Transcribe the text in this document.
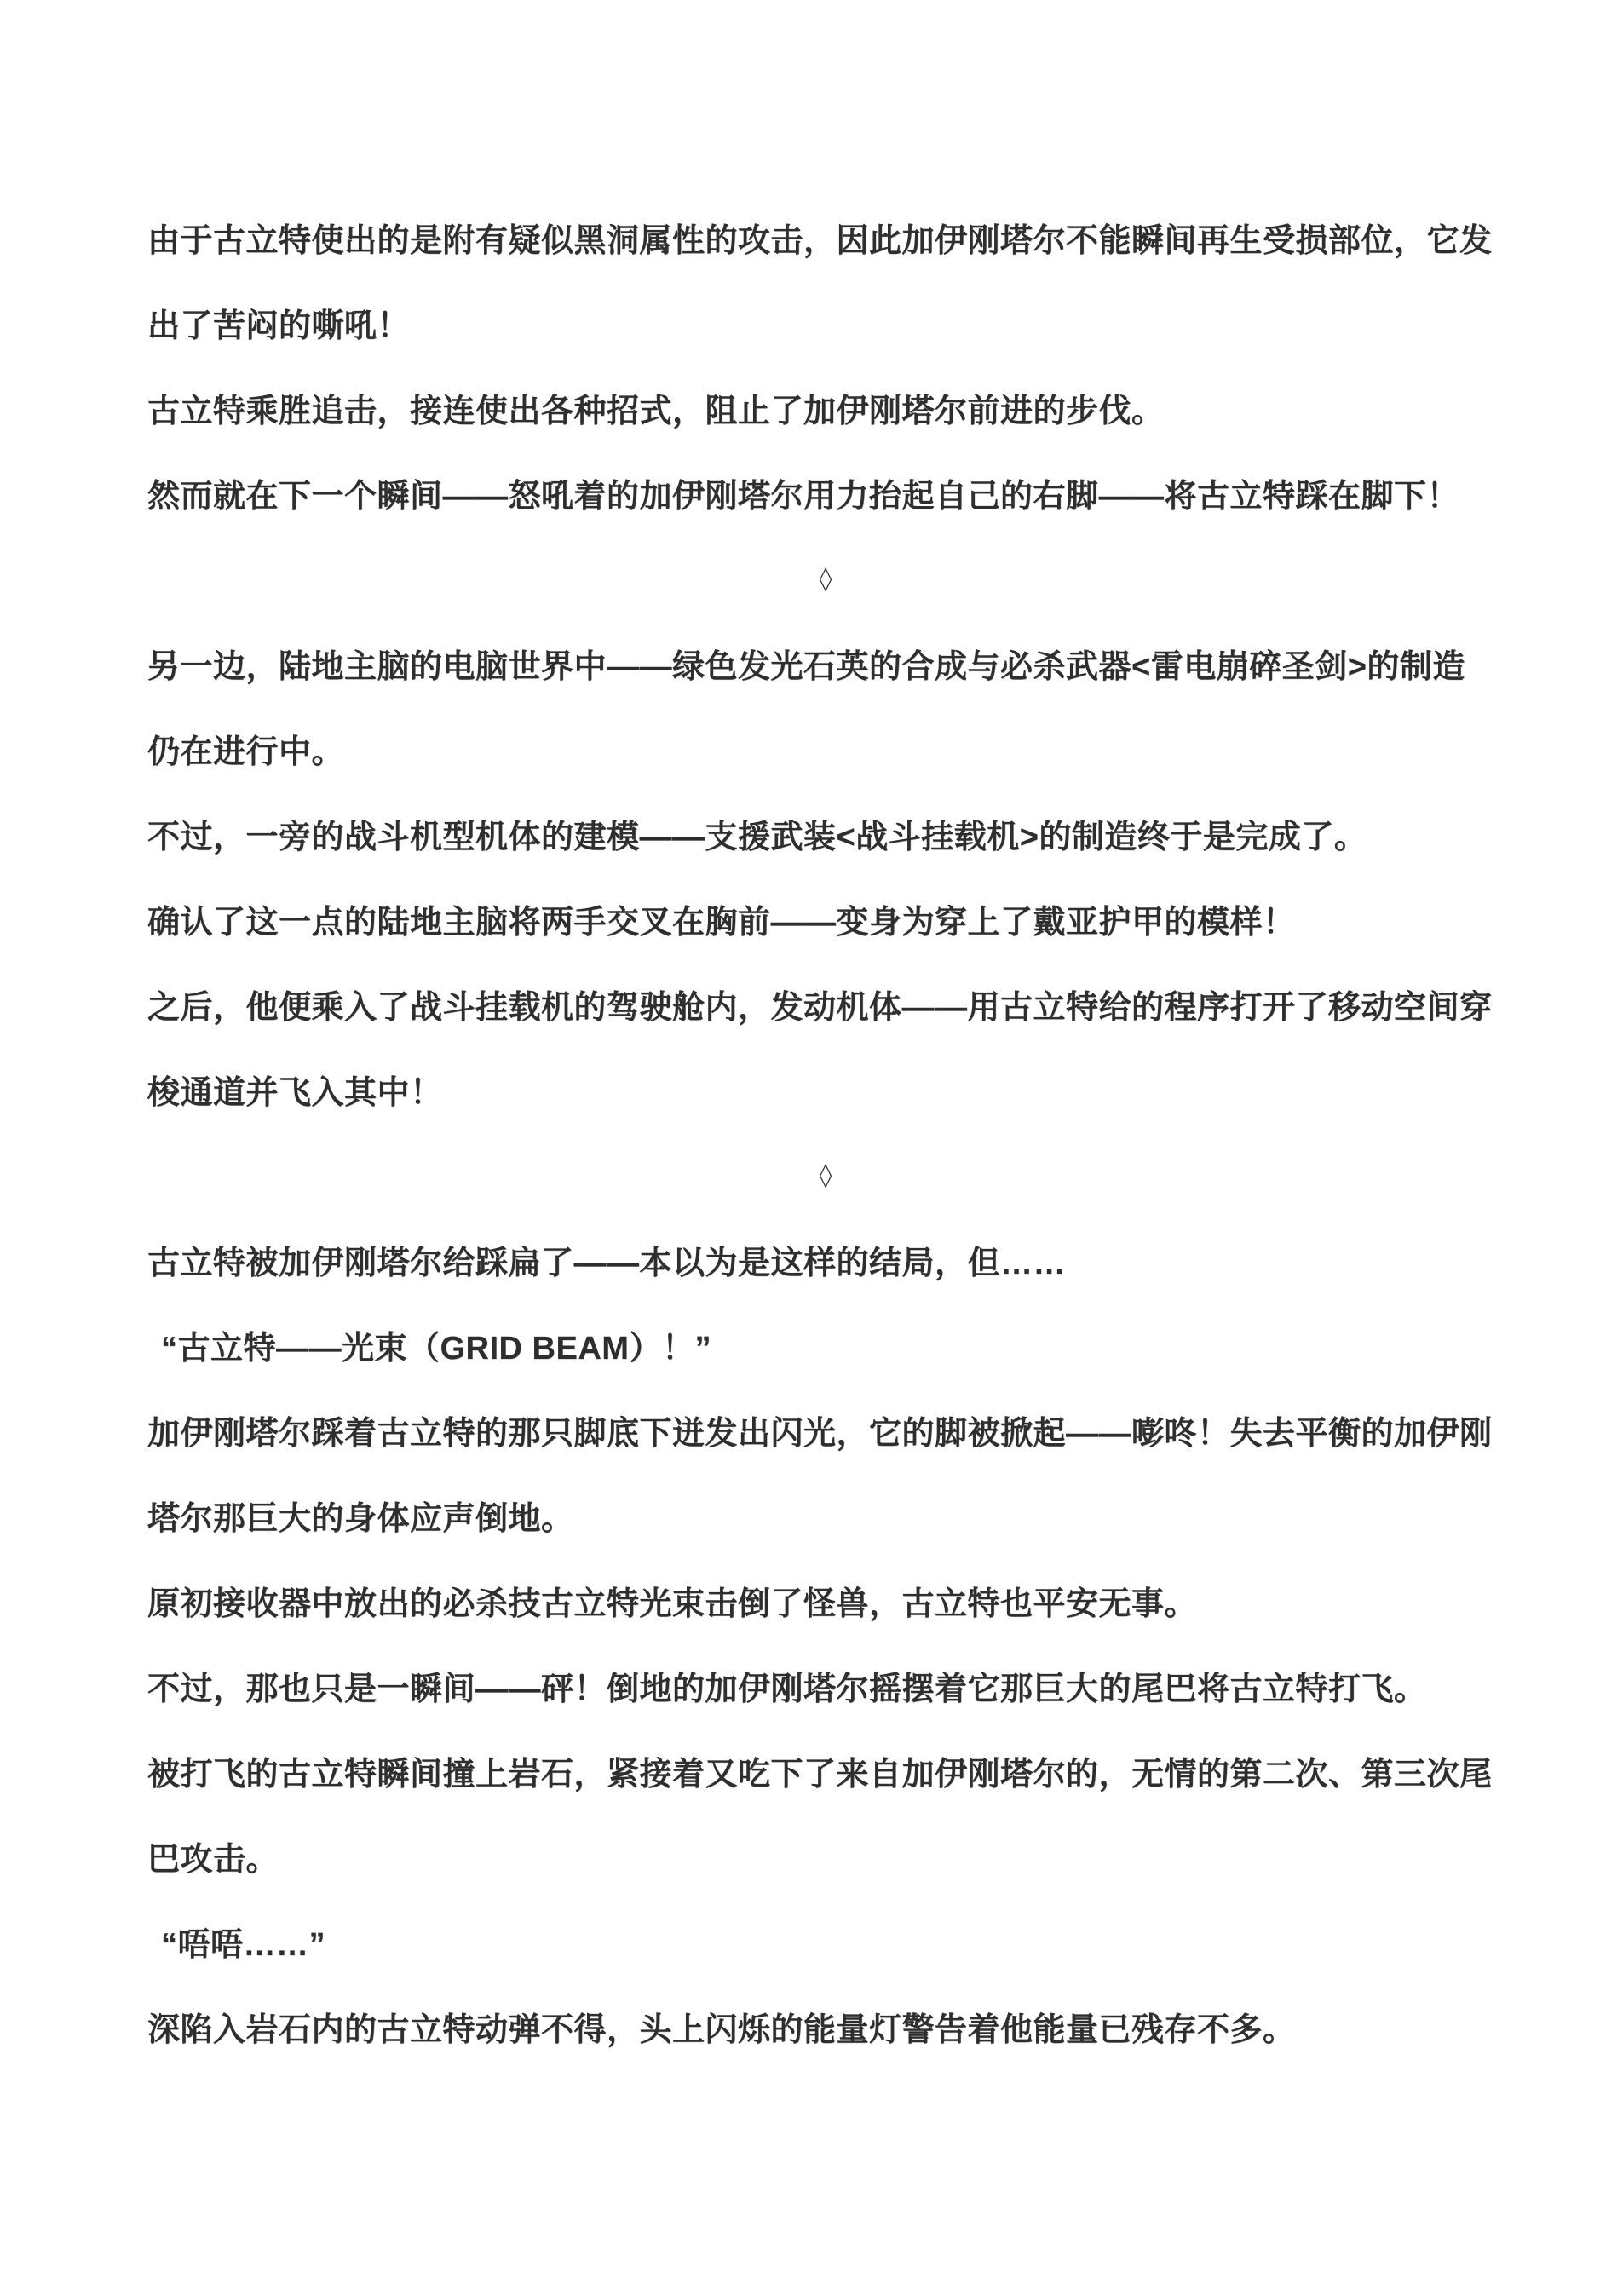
由于古立特使出的是附有疑似黑洞属性的攻击，因此加伊刚塔尔不能瞬间再生受损部位，它发
出了苦闷的嘶吼！
古立特乘胜追击，接连使出各种招式，阻止了加伊刚塔尔前进的步伐。
然而就在下一个瞬间——怒吼着的加伊刚塔尔用力抬起自己的右脚——将古立特踩在脚下！
◇
另一边，陆地主脑的电脑世界中——绿色发光石英的合成与必杀武器<雷电崩碎圣剑>的制造
仍在进行中。
不过，一旁的战斗机型机体的建模——支援武装<战斗挂载机>的制造终于是完成了。
确认了这一点的陆地主脑将两手交叉在胸前——变身为穿上了戴亚护甲的模样！
之后，他便乘入了战斗挂载机的驾驶舱内，发动机体——用古立特给的程序打开了移动空间穿
梭通道并飞入其中！
◇
古立特被加伊刚塔尔给踩扁了——本以为是这样的结局，但……
“古立特——光束（GRID BEAM）！”
加伊刚塔尔踩着古立特的那只脚底下迸发出闪光，它的脚被掀起——嘭咚！失去平衡的加伊刚
塔尔那巨大的身体应声倒地。
原初接收器中放出的必杀技古立特光束击倒了怪兽，古立特也平安无事。
不过，那也只是一瞬间——砰！倒地的加伊刚塔尔摇摆着它那巨大的尾巴将古立特打飞。
被打飞的古立特瞬间撞上岩石，紧接着又吃下了来自加伊刚塔尔的，无情的第二次、第三次尾
巴攻击。
“唔唔……”
深陷入岩石内的古立特动弹不得，头上闪烁的能量灯警告着他能量已残存不多。
